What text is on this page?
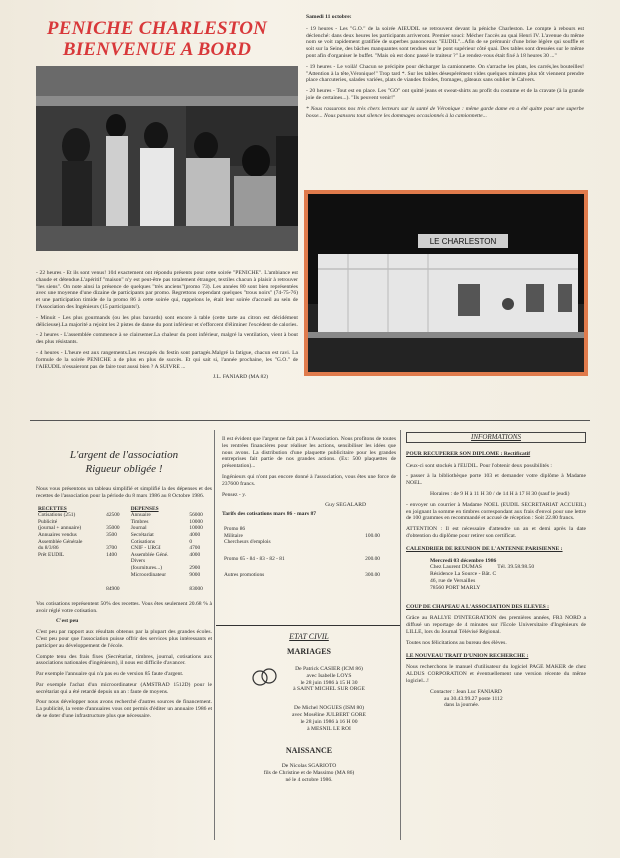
PENICHE CHARLESTON
BIENVENUE A BORD
Samedi 11 octobre:

- 19 heures - Les "G.O." de la soirée AIEUDIL se retrouvent devant la péniche Charleston. Le compte à rebours est déclenché: dans deux heures les participants arriveront. Premier souci: Mécher l'accès au quai Henri IV. L'avenue du même nom se voit rapidement gratifiée de superbes panonceaux "EUDIL"...Afin de se prémunir d'une brise légère qui souffle et soit sur la Seine, des bâches manquantes sont tendues sur le pont supérieur côté quai. Des tables sont dressées sur le même pont afin d'organiser le buffet. "Mais où est donc passé le traiteur ?" Le rendez-vous était fixé à 18 heures 30 ..."

- 19 heures - Le voilà! Chacun se précipite pour décharger la camionnette. On s'arrache les plats, les carrés,les bouteilles! "Attention à la tête,Véronique!" Trop tard *. Sur les tables désespérément vides quelques minutes plus tôt viennent prendre place charcuteries, salades variées, plats de viandes froides, fromages, gâteaux sans oublier le Calvers.

- 20 heures - Tout est en place. Les "GO" ont quitté jeans et sweat-shirts au profit du costume et de la cravate (à la grande joie de certaines...). "Ils peuvent venir!"

* Nous rassurons nos très chers lecteurs sur la santé de Véronique : même garde dame en a été quitte pour une superbe bosse... Nous pansons tout silence les dommages occasionnés à la camionnette...

LE CHARLESTON

- 22 heures - Et ils sont venus! 104 exactement ont répondu présents pour cette soirée "PENICHE". L'ambiance est chaude et détendue.L'apéritif "maison" n'y est peut-être pas totalement étranger, textiles chacun à plaisir à retrouver "les siens". On note ainsi la présence de quelques "très anciens"(promo 73). Les années 80 sont bien représentées avec une moyenne d'une dizaine de participants par promo. Regrettons cependant quelques "trous noirs" (74-75-76) et une participation timide de la promo 86 à cette soirée qui, rappelons le, était leur soirée d'accueil au sein de l'Association des Ingénieurs (15 participants!).

- Minuit - Les plus gourmands (ou les plus bavards) sont encore à table (cette tarte au citron est décidément délicieuse).La majorité a rejoint les 2 pistes de danse du pont inférieur et s'efforcent d'éliminer l'excédent de calories.

- 2 heures - L'assemblée commence à se clairsemer.La chaleur du pont inférieur, malgré la ventilation, vient à bout des plus résistants.

- 4 heures - L'heure est aux rangements.Les rescapés du festin sont partagés.Malgré la fatigue, chacun est ravi. La formule de la soirée PENICHE a de plus en plus de succès. Et qui sait si, l'année prochaine, les "G.O." de l'AIEUDIL n'essaieront pas de faire tout aussi bien ? A SUIVRE ...

J.L. FANIARD (MA 82)
L'argent de l'association
Rigueur obligée !
Nous vous présentons un tableau simplifié et simplifié la des dépenses et des recettes de l'association pour la période du 8 mars 1986 au 8 Octobre 1986.
RECETTES		DEPENSES	
Cotisations (251)	42500	Annuaire	56000
Publicité		Timbres	10000
(journal + annuaire)	35000	Journal	10000
Annuaires vendus	3500	Secrétariat	4000
Assemblée Générale		Cotisations	0
du 8/3/86	3700	CNIF - URGI	4700
Prêt EUDIL	1400	Assemblée Géné.	4000
		Divers	
		(fournitures...)	2900
		Microordinateur	9000
	84900		83000

Vos cotisations représentent 50% des recettes. Vous êtes seulement 20.68 % à avoir réglé votre cotisation.

C'est peu

C'est peu par rapport aux résultats obtenus par la plupart des grandes écoles. C'est peu pour que l'association puisse offrir des services plus intéressants et participer au développement de l'école.

Compte tenu des frais fixes (Secrétariat, timbres, journal, cotisations aux associations nationales d'ingénieurs), il nous est difficile d'avancer.

Par exemple l'annuaire qui n'a pas eu de version 85 faute d'argent.

Par exemple l'achat d'un microordinateur (AMSTRAD 1512D) pour le secrétariat qui a été retardé depuis un an : faute de moyens.

Pour nous développer nous avons recherché d'autres sources de financement. La publicité, la vente d'annuaires vous ont permis d'éditer un annuaire 1986 et de se doter d'une infrastructure plus que nécessaire.

Il est évident que l'argent ne fait pas à l'Association. Nous profitons de toutes les rentrées financières pour réaliser les actions, sensibiliser les idées que nous avons. La distribution d'une plaquette publicitaire pour les grandes entreprises fait partie de nos grandes actions. (Ex: 500 plaquettes de présentation)...

Ingénieurs qui n'ont pas encore donné à l'association, vous êtes une force de 237600 francs.

Pensez - y.

Guy SEGALARD
Tarifs des cotisations mars 86 - mars 87
Promo 86	
Militaire	100.00
Chercheurs d'emplois	
Promo 65 - 84 - 83 - 82 - 81	200.00
Autres promotions	300.00
ETAT CIVIL
MARIAGES
De Patrick CASIER (ICM 86)
avec Isabelle LOYS
le 28 juin 1986 à 15 H 30
à SAINT MICHEL SUR ORGE
De Michel NOGUES (ISM 80)
avec Moséline JULBERT GORE
le 28 juin 1986 à 16 H 00
à MESNIL LE ROI
NAISSANCE
De Nicolas SGARIOTO
fils de Christine et de Massimo (MA 86)
né le 4 octobre 1986.
INFORMATIONS
POUR RECUPERER SON DIPLOME : Rectificatif

Ceux-ci sont stockés à l'EUDIL. Pour l'obtenir deux possibilités :

- passer à la bibliothèque porte 103 et demander votre diplôme à Madame NOEL.

Horaires : de 9 H à 11 H 30 / de 14 H à 17 H 30 (sauf le jeudi)

- envoyer un courrier à Madame NOEL (EUDIL SECRETARIAT ACCUEIL) en joignant la somme en timbres correspondant aux frais d'envoi pour une lettre de 100 grammes en recommandé et accusé de réception : Soit 22.80 francs.

ATTENTION : Il est nécessaire d'attendre un an et demi après la date d'obtention du diplôme pour retirer son certificat.

CALENDRIER DE REUNION DE L'ANTENNE PARISIENNE :
Mercredi 03 décembre 1986
Chez Laurent DUMAS	Tél. 39.58.98.50
Résidence La Source - Bât. C
46, rue de Versailles
78560 PORT MARLY
COUP DE CHAPEAU A L'ASSOCIATION DES ELEVES :

Grâce au RALLYE D'INTEGRATION des premières années, FR3 NORD a diffusé un reportage de 4 minutes sur l'Ecole Universitaire d'Ingénieurs de LILLE, lors du Journal Télévisé Régional.

Toutes nos félicitations au bureau des élèves.

LE NOUVEAU TRAIT D'UNION RECHERCHE :

Nous recherchons le manuel d'utilisateur du logiciel PAGE MAKER de chez ALDUS CORPORATION et éventuellement une version récente du même logiciel...!

Contacter : Jean Luc FANIARD
au 30.43.99.27 poste 1112
dans la journée.
